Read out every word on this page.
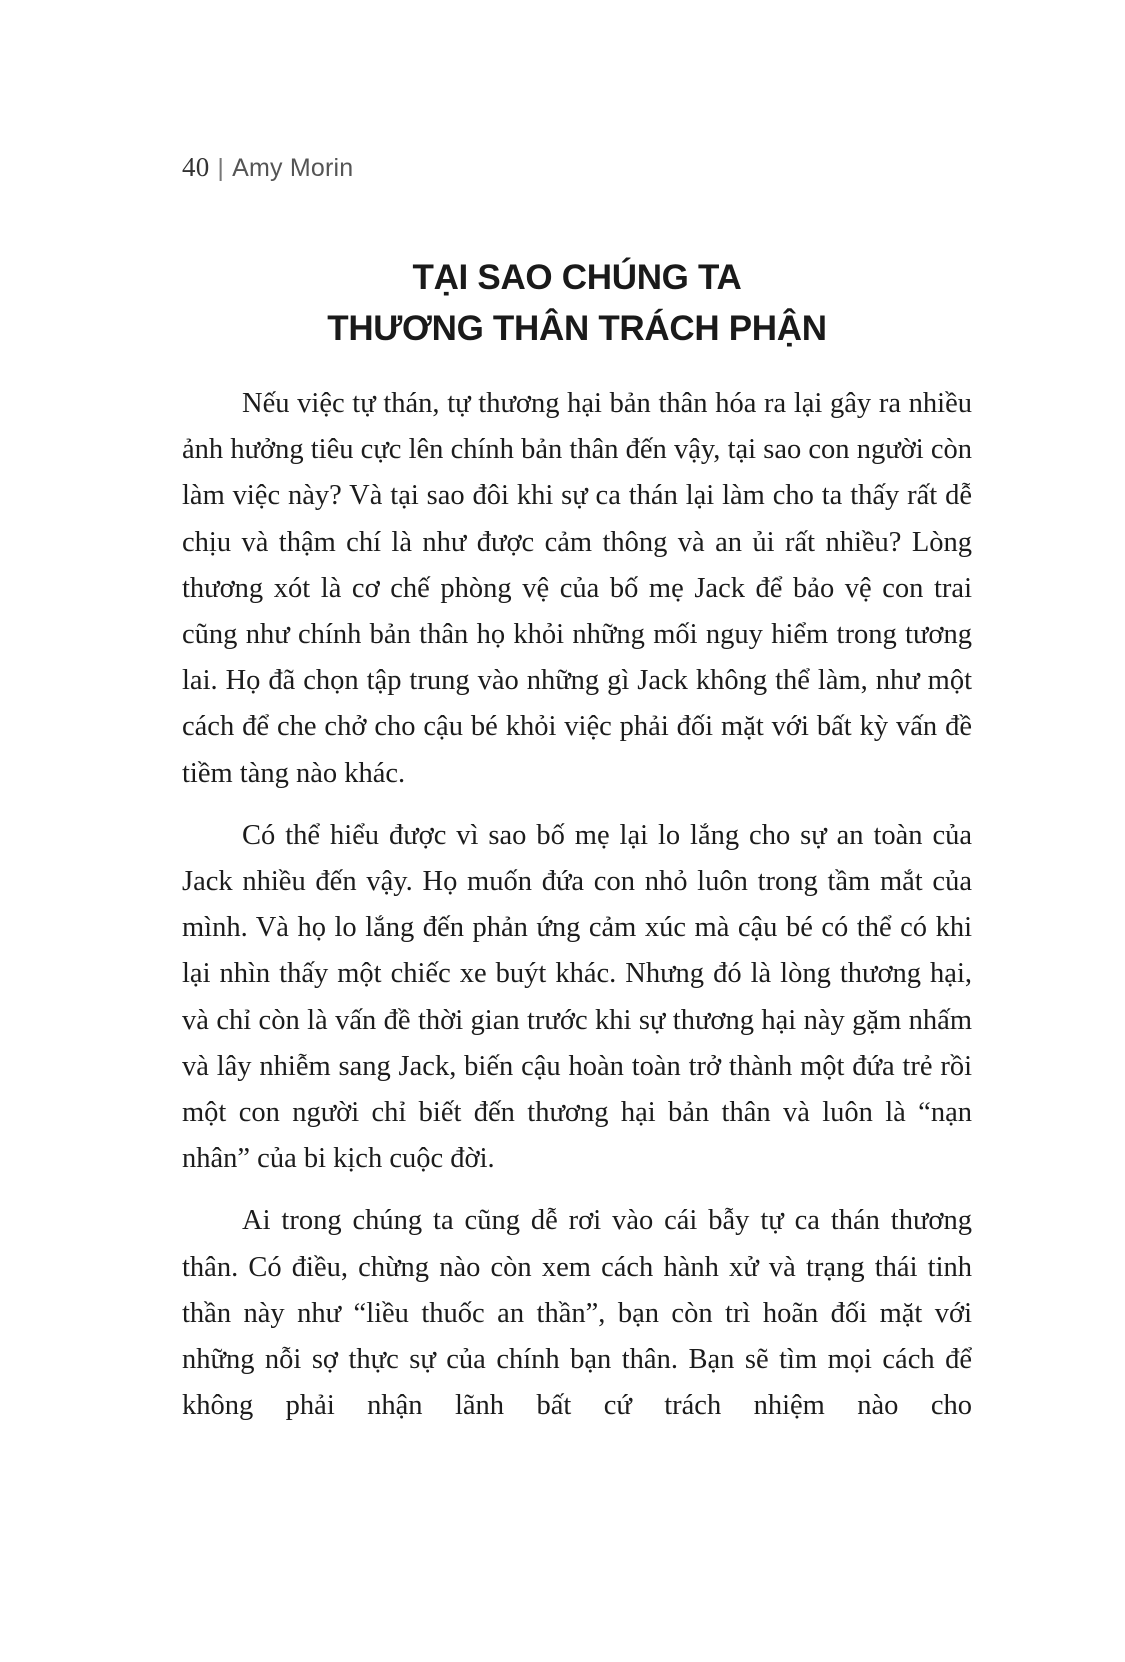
40 | Amy Morin
TẠI SAO CHÚNG TA
THƯƠNG THÂN TRÁCH PHẬN

Nếu việc tự thán, tự thương hại bản thân hóa ra lại gây ra nhiều ảnh hưởng tiêu cực lên chính bản thân đến vậy, tại sao con người còn làm việc này? Và tại sao đôi khi sự ca thán lại làm cho ta thấy rất dễ chịu và thậm chí là như được cảm thông và an ủi rất nhiều? Lòng thương xót là cơ chế phòng vệ của bố mẹ Jack để bảo vệ con trai cũng như chính bản thân họ khỏi những mối nguy hiểm trong tương lai. Họ đã chọn tập trung vào những gì Jack không thể làm, như một cách để che chở cho cậu bé khỏi việc phải đối mặt với bất kỳ vấn đề tiềm tàng nào khác.

Có thể hiểu được vì sao bố mẹ lại lo lắng cho sự an toàn của Jack nhiều đến vậy. Họ muốn đứa con nhỏ luôn trong tầm mắt của mình. Và họ lo lắng đến phản ứng cảm xúc mà cậu bé có thể có khi lại nhìn thấy một chiếc xe buýt khác. Nhưng đó là lòng thương hại, và chỉ còn là vấn đề thời gian trước khi sự thương hại này gặm nhấm và lây nhiễm sang Jack, biến cậu hoàn toàn trở thành một đứa trẻ rồi một con người chỉ biết đến thương hại bản thân và luôn là “nạn nhân” của bi kịch cuộc đời.

Ai trong chúng ta cũng dễ rơi vào cái bẫy tự ca thán thương thân. Có điều, chừng nào còn xem cách hành xử và trạng thái tinh thần này như “liều thuốc an thần”, bạn còn trì hoãn đối mặt với những nỗi sợ thực sự của chính bạn thân. Bạn sẽ tìm mọi cách để không phải nhận lãnh bất cứ trách nhiệm nào cho
